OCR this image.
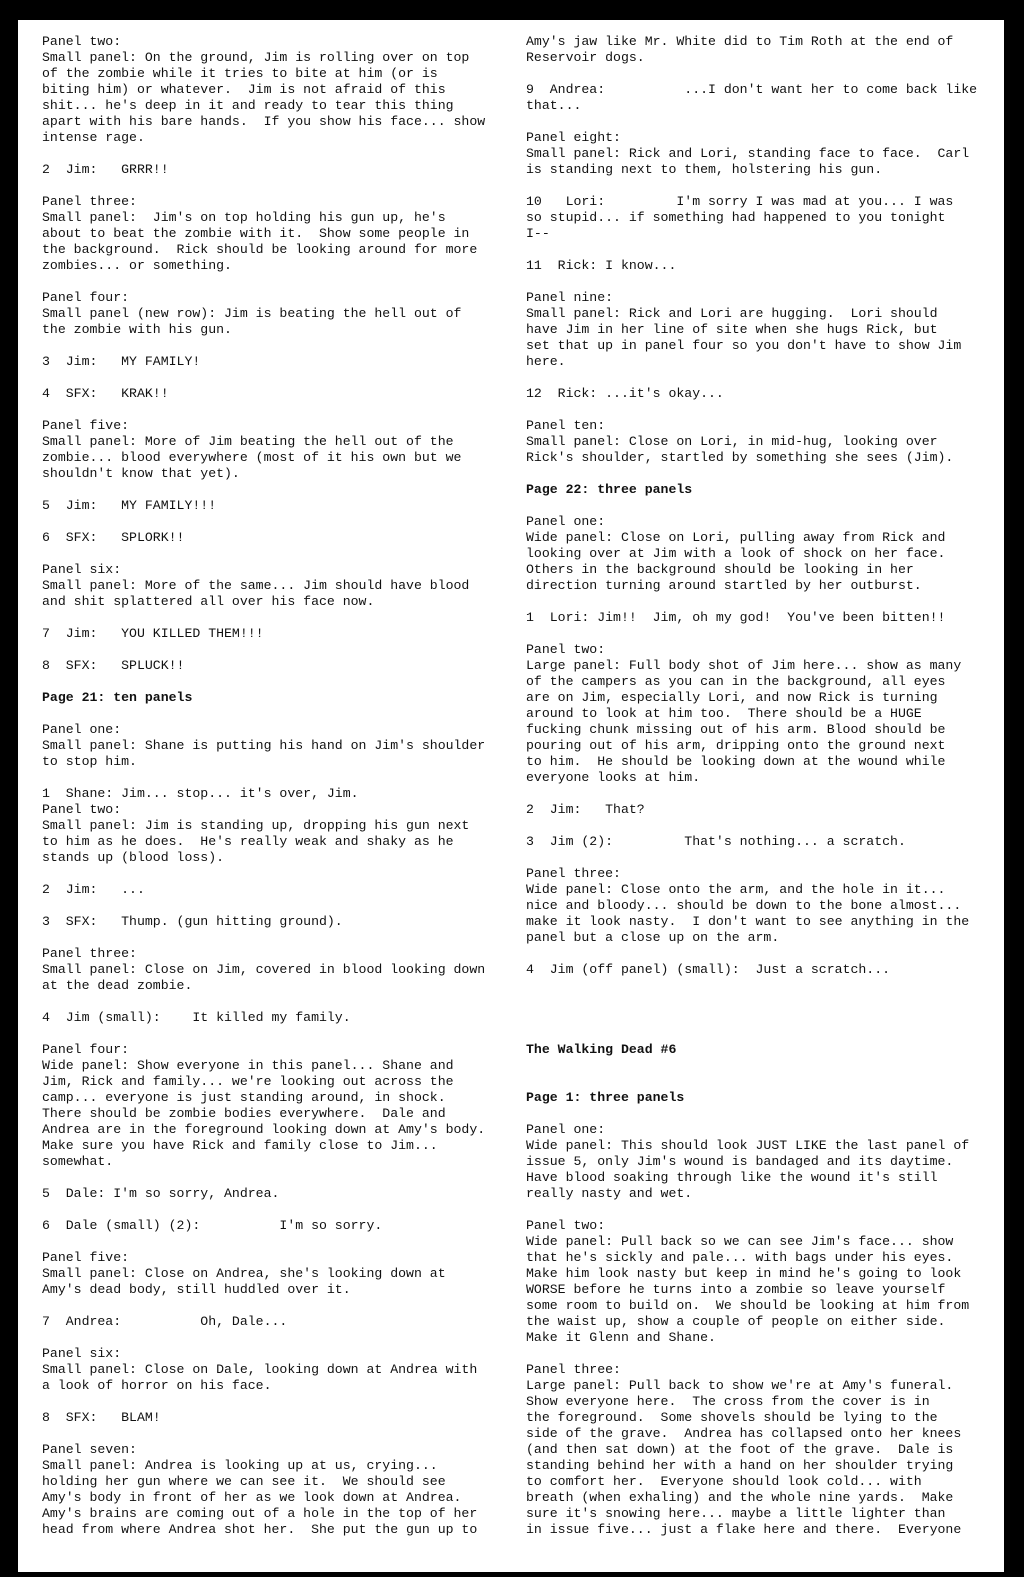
Panel two:
Small panel: On the ground, Jim is rolling over on top
of the zombie while it tries to bite at him (or is
biting him) or whatever.  Jim is not afraid of this
shit... he's deep in it and ready to tear this thing
apart with his bare hands.  If you show his face... show
intense rage.
2  Jim:   GRRR!!
Panel three:
Small panel:  Jim's on top holding his gun up, he's
about to beat the zombie with it.  Show some people in
the background.  Rick should be looking around for more
zombies... or something.
Panel four:
Small panel (new row): Jim is beating the hell out of
the zombie with his gun.
3  Jim:   MY FAMILY!
4  SFX:   KRAK!!
Panel five:
Small panel: More of Jim beating the hell out of the
zombie... blood everywhere (most of it his own but we
shouldn't know that yet).
5  Jim:   MY FAMILY!!!
6  SFX:   SPLORK!!
Panel six:
Small panel: More of the same... Jim should have blood
and shit splattered all over his face now.
7  Jim:   YOU KILLED THEM!!!
8  SFX:   SPLUCK!!
Page 21: ten panels
Panel one:
Small panel: Shane is putting his hand on Jim's shoulder
to stop him.
1  Shane: Jim... stop... it's over, Jim.
Panel two:
Small panel: Jim is standing up, dropping his gun next
to him as he does.  He's really weak and shaky as he
stands up (blood loss).
2  Jim:   ...
3  SFX:   Thump. (gun hitting ground).
Panel three:
Small panel: Close on Jim, covered in blood looking down
at the dead zombie.
4  Jim (small):    It killed my family.
Panel four:
Wide panel: Show everyone in this panel... Shane and
Jim, Rick and family... we're looking out across the
camp... everyone is just standing around, in shock.
There should be zombie bodies everywhere.  Dale and
Andrea are in the foreground looking down at Amy's body.
Make sure you have Rick and family close to Jim...
somewhat.
5  Dale: I'm so sorry, Andrea.
6  Dale (small) (2):          I'm so sorry.
Panel five:
Small panel: Close on Andrea, she's looking down at
Amy's dead body, still huddled over it.
7  Andrea:          Oh, Dale...
Panel six:
Small panel: Close on Dale, looking down at Andrea with
a look of horror on his face.
8  SFX:   BLAM!
Panel seven:
Small panel: Andrea is looking up at us, crying...
holding her gun where we can see it.  We should see
Amy's body in front of her as we look down at Andrea.
Amy's brains are coming out of a hole in the top of her
head from where Andrea shot her.  She put the gun up to
Amy's jaw like Mr. White did to Tim Roth at the end of
Reservoir dogs.
9  Andrea:          ...I don't want her to come back like
that...
Panel eight:
Small panel: Rick and Lori, standing face to face.  Carl
is standing next to them, holstering his gun.
10   Lori:         I'm sorry I was mad at you... I was
so stupid... if something had happened to you tonight
I--
11  Rick: I know...
Panel nine:
Small panel: Rick and Lori are hugging.  Lori should
have Jim in her line of site when she hugs Rick, but
set that up in panel four so you don't have to show Jim
here.
12  Rick: ...it's okay...
Panel ten:
Small panel: Close on Lori, in mid-hug, looking over
Rick's shoulder, startled by something she sees (Jim).
Page 22: three panels
Panel one:
Wide panel: Close on Lori, pulling away from Rick and
looking over at Jim with a look of shock on her face.
Others in the background should be looking in her
direction turning around startled by her outburst.
1  Lori: Jim!!  Jim, oh my god!  You've been bitten!!
Panel two:
Large panel: Full body shot of Jim here... show as many
of the campers as you can in the background, all eyes
are on Jim, especially Lori, and now Rick is turning
around to look at him too.  There should be a HUGE
fucking chunk missing out of his arm. Blood should be
pouring out of his arm, dripping onto the ground next
to him.  He should be looking down at the wound while
everyone looks at him.
2  Jim:   That?
3  Jim (2):         That's nothing... a scratch.
Panel three:
Wide panel: Close onto the arm, and the hole in it...
nice and bloody... should be down to the bone almost...
make it look nasty.  I don't want to see anything in the
panel but a close up on the arm.
4  Jim (off panel) (small):  Just a scratch...
The Walking Dead #6
Page 1: three panels
Panel one:
Wide panel: This should look JUST LIKE the last panel of
issue 5, only Jim's wound is bandaged and its daytime.
Have blood soaking through like the wound it's still
really nasty and wet.
Panel two:
Wide panel: Pull back so we can see Jim's face... show
that he's sickly and pale... with bags under his eyes.
Make him look nasty but keep in mind he's going to look
WORSE before he turns into a zombie so leave yourself
some room to build on.  We should be looking at him from
the waist up, show a couple of people on either side.
Make it Glenn and Shane.
Panel three:
Large panel: Pull back to show we're at Amy's funeral.
Show everyone here.  The cross from the cover is in
the foreground.  Some shovels should be lying to the
side of the grave.  Andrea has collapsed onto her knees
(and then sat down) at the foot of the grave.  Dale is
standing behind her with a hand on her shoulder trying
to comfort her.  Everyone should look cold... with
breath (when exhaling) and the whole nine yards.  Make
sure it's snowing here... maybe a little lighter than
in issue five... just a flake here and there.  Everyone
